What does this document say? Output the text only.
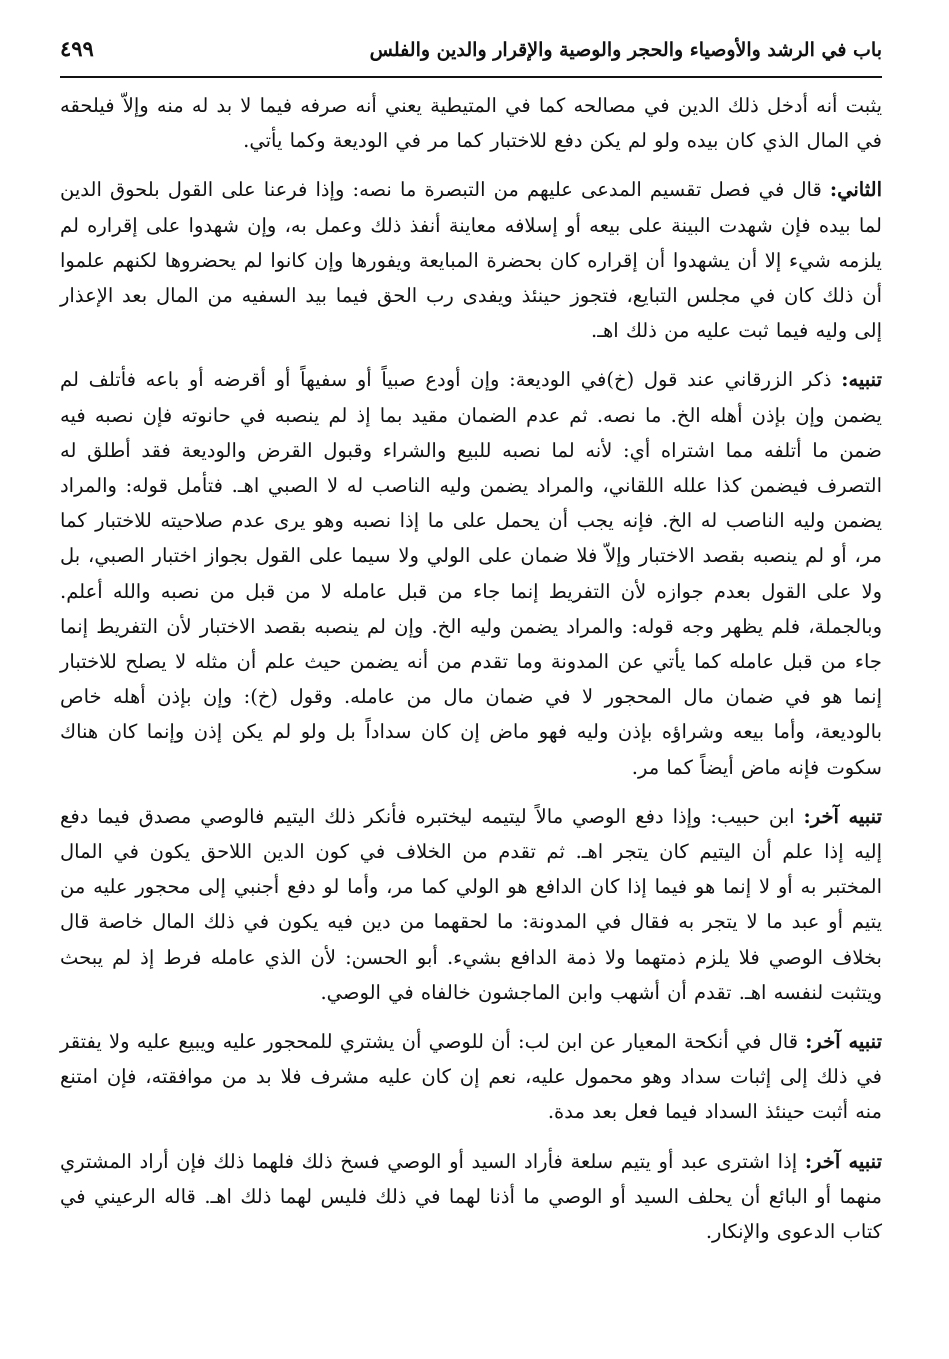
باب في الرشد والأوصياء والحجر والوصية والإقرار والدين والفلس
٤٩٩

يثبت أنه أدخل ذلك الدين في مصالحه كما في المتيطية يعني أنه صرفه فيما لا بد له منه وإلاّ فيلحقه في المال الذي كان بيده ولو لم يكن دفع للاختبار كما مر في الوديعة وكما يأتي.

الثاني: قال في فصل تقسيم المدعى عليهم من التبصرة ما نصه: وإذا فرعنا على القول بلحوق الدين لما بيده فإن شهدت البينة على بيعه أو إسلافه معاينة أنفذ ذلك وعمل به، وإن شهدوا على إقراره لم يلزمه شيء إلا أن يشهدوا أن إقراره كان بحضرة المبايعة ويفورها وإن كانوا لم يحضروها لكنهم علموا أن ذلك كان في مجلس التبايع، فتجوز حينئذ ويفدى رب الحق فيما بيد السفيه من المال بعد الإعذار إلى وليه فيما ثبت عليه من ذلك اهـ.

تنبيه: ذكر الزرقاني عند قول (خ)في الوديعة: وإن أودع صبياً أو سفيهاً أو أقرضه أو باعه فأتلف لم يضمن وإن بإذن أهله الخ. ما نصه. ثم عدم الضمان مقيد بما إذ لم ينصبه في حانوته فإن نصبه فيه ضمن ما أتلفه مما اشتراه أي: لأنه لما نصبه للبيع والشراء وقبول القرض والوديعة فقد أطلق له التصرف فيضمن كذا علله اللقاني، والمراد يضمن وليه الناصب له لا الصبي اهـ. فتأمل قوله: والمراد يضمن وليه الناصب له الخ. فإنه يجب أن يحمل على ما إذا نصبه وهو يرى عدم صلاحيته للاختبار كما مر، أو لم ينصبه بقصد الاختبار وإلاّ فلا ضمان على الولي ولا سيما على القول بجواز اختبار الصبي، بل ولا على القول بعدم جوازه لأن التفريط إنما جاء من قبل عامله لا من قبل من نصبه والله أعلم. وبالجملة، فلم يظهر وجه قوله: والمراد يضمن وليه الخ. وإن لم ينصبه بقصد الاختبار لأن التفريط إنما جاء من قبل عامله كما يأتي عن المدونة وما تقدم من أنه يضمن حيث علم أن مثله لا يصلح للاختبار إنما هو في ضمان مال المحجور لا في ضمان مال من عامله. وقول (خ): وإن بإذن أهله خاص بالوديعة، وأما بيعه وشراؤه بإذن وليه فهو ماض إن كان سداداً بل ولو لم يكن إذن وإنما كان هناك سكوت فإنه ماض أيضاً كما مر.

تنبيه آخر: ابن حبيب: وإذا دفع الوصي مالاً ليتيمه ليختبره فأنكر ذلك اليتيم فالوصي مصدق فيما دفع إليه إذا علم أن اليتيم كان يتجر اهـ. ثم تقدم من الخلاف في كون الدين اللاحق يكون في المال المختبر به أو لا إنما هو فيما إذا كان الدافع هو الولي كما مر، وأما لو دفع أجنبي إلى محجور عليه من يتيم أو عبد ما لا يتجر به فقال في المدونة: ما لحقهما من دين فيه يكون في ذلك المال خاصة قال بخلاف الوصي فلا يلزم ذمتهما ولا ذمة الدافع بشيء. أبو الحسن: لأن الذي عامله فرط إذ لم يبحث ويتثبت لنفسه اهـ. تقدم أن أشهب وابن الماجشون خالفاه في الوصي.

تنبيه آخر: قال في أنكحة المعيار عن ابن لب: أن للوصي أن يشتري للمحجور عليه ويبيع عليه ولا يفتقر في ذلك إلى إثبات سداد وهو محمول عليه، نعم إن كان عليه مشرف فلا بد من موافقته، فإن امتنع منه أثبت حينئذ السداد فيما فعل بعد مدة.

تنبيه آخر: إذا اشترى عبد أو يتيم سلعة فأراد السيد أو الوصي فسخ ذلك فلهما ذلك فإن أراد المشتري منهما أو البائع أن يحلف السيد أو الوصي ما أذنا لهما في ذلك فليس لهما ذلك اهـ. قاله الرعيني في كتاب الدعوى والإنكار.
